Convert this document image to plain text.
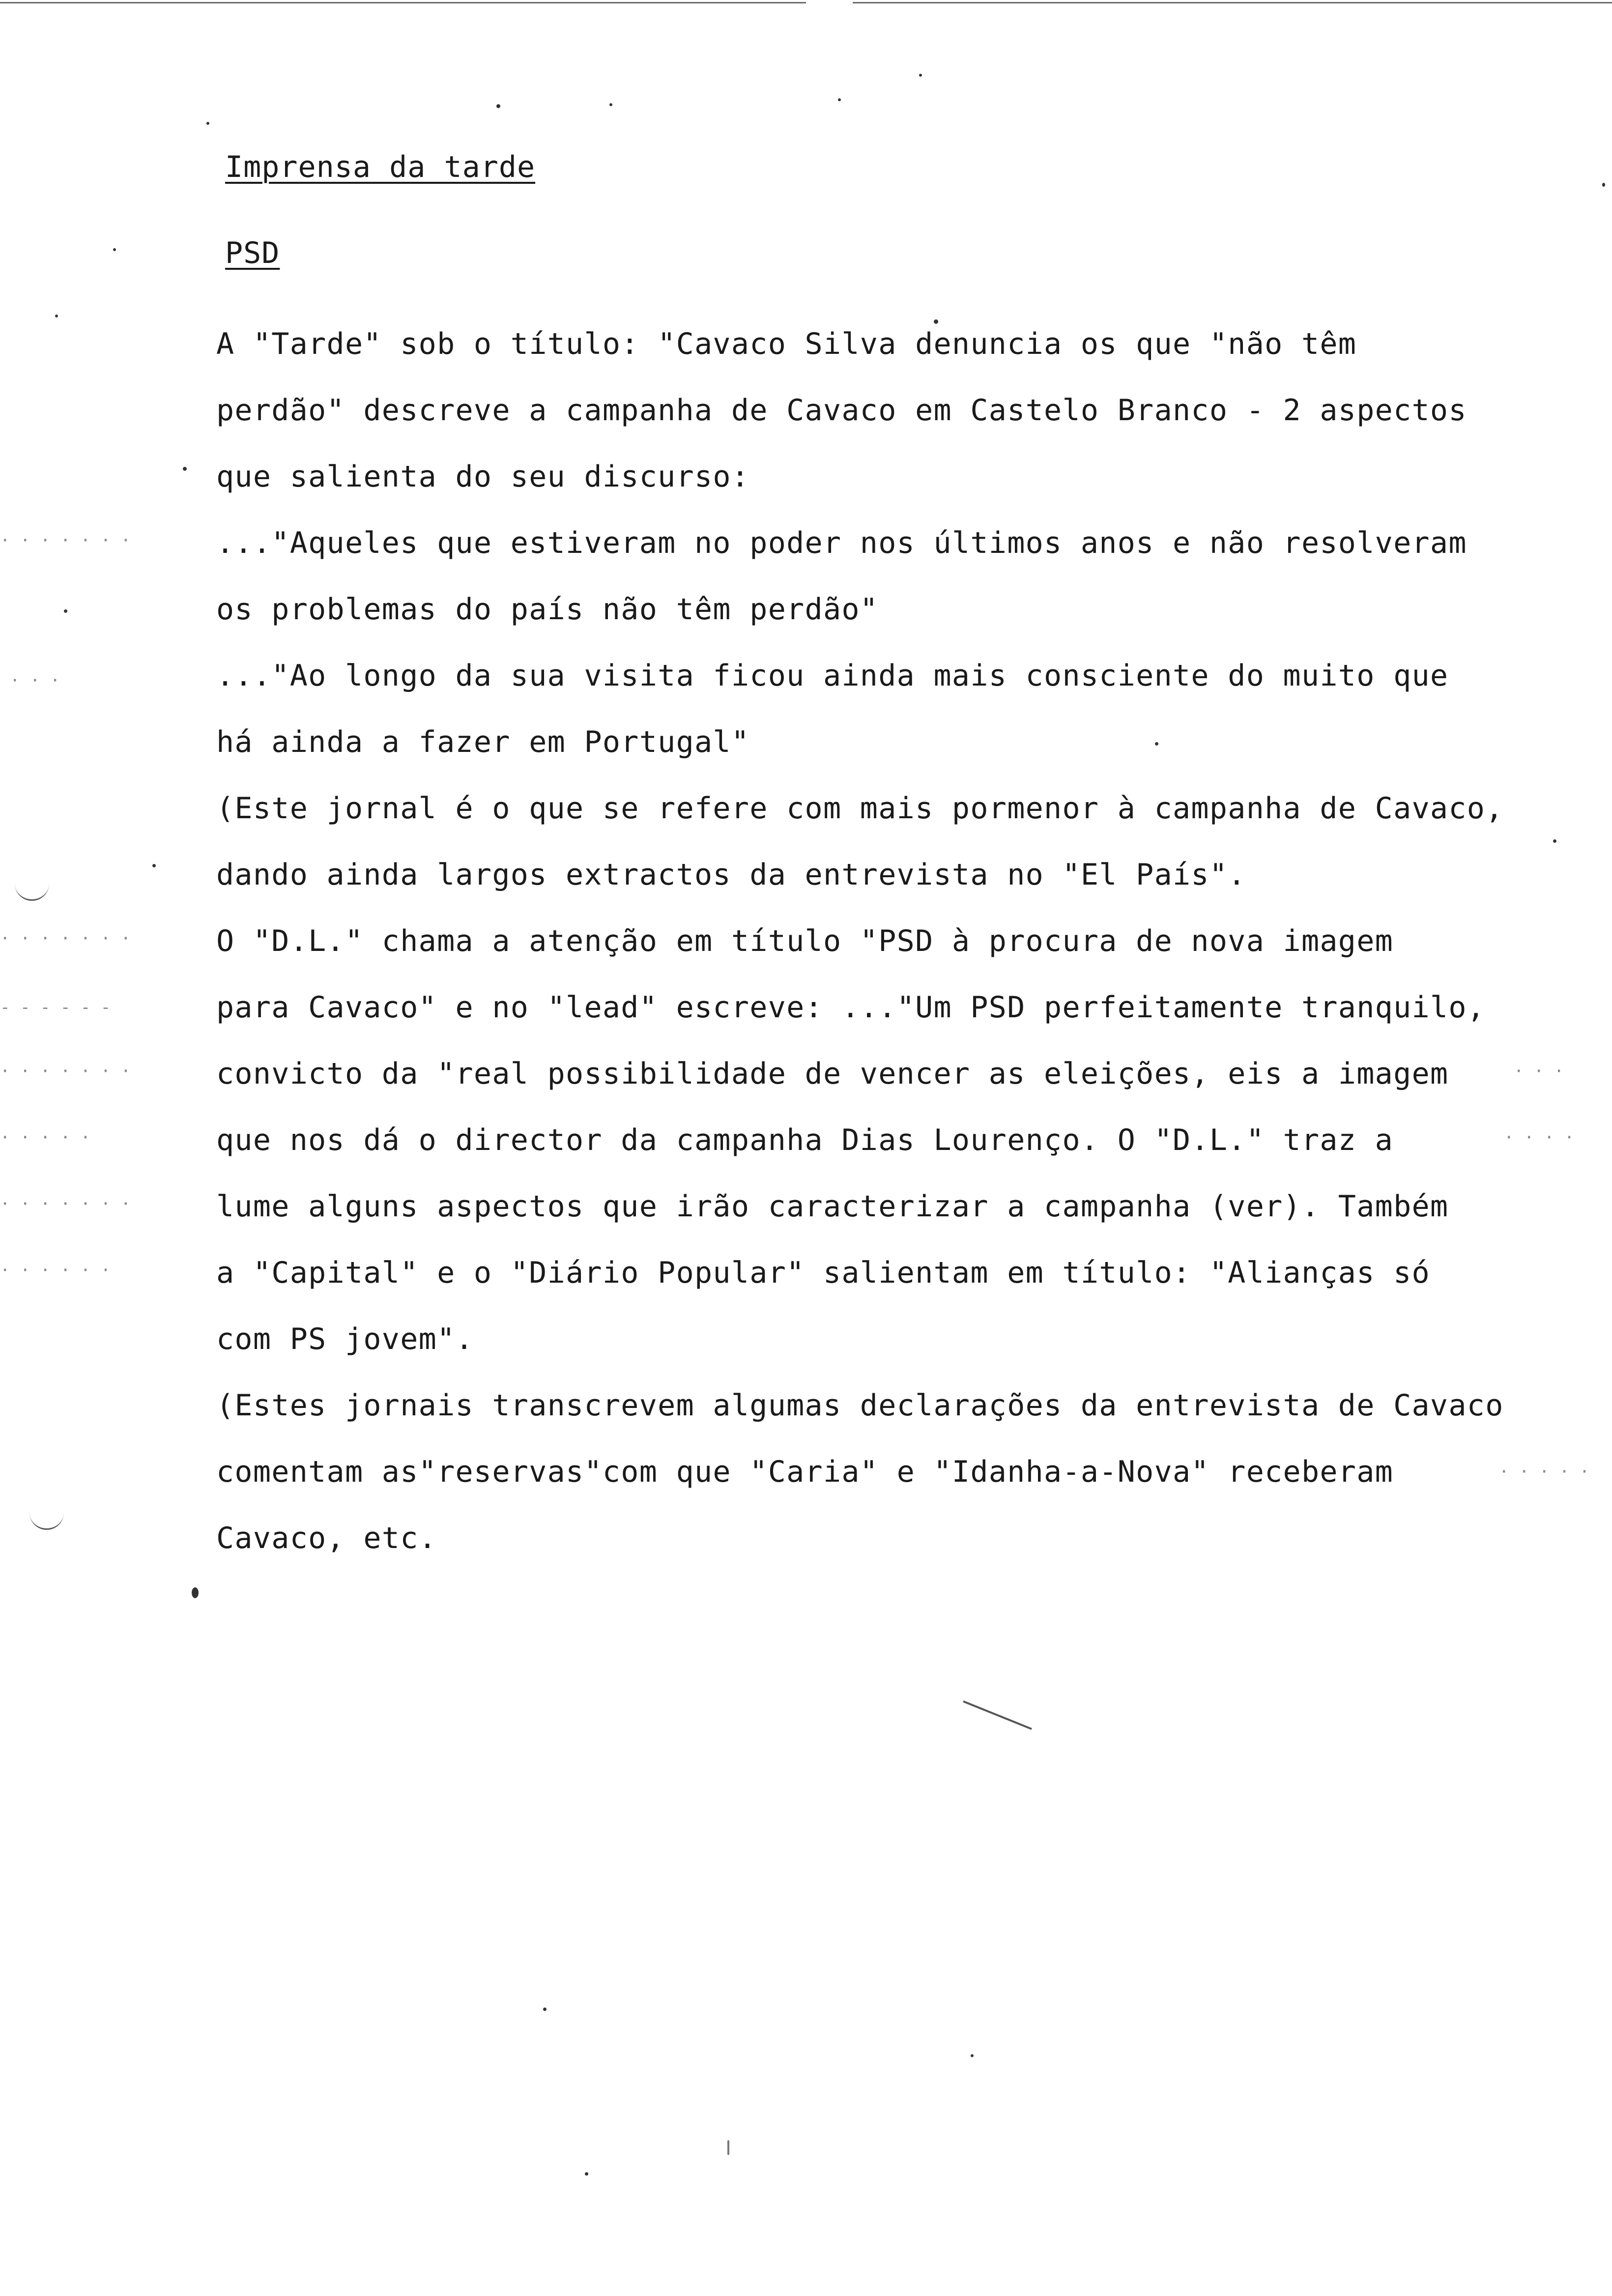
Imprensa da tarde
PSD
A "Tarde" sob o título: "Cavaco Silva denuncia os que "não têm
perdão" descreve a campanha de Cavaco em Castelo Branco - 2 aspectos
que salienta do seu discurso:
..."Aqueles que estiveram no poder nos últimos anos e não resolveram
os problemas do país não têm perdão"
..."Ao longo da sua visita ficou ainda mais consciente do muito que
há ainda a fazer em Portugal"
(Este jornal é o que se refere com mais pormenor à campanha de Cavaco,
dando ainda largos extractos da entrevista no "El País".
O "D.L." chama a atenção em título "PSD à procura de nova imagem
para Cavaco" e no "lead" escreve: ..."Um PSD perfeitamente tranquilo,
convicto da "real possibilidade de vencer as eleições, eis a imagem
que nos dá o director da campanha Dias Lourenço. O "D.L." traz a
lume alguns aspectos que irão caracterizar a campanha (ver). Também
a "Capital" e o "Diário Popular" salientam em título: "Alianças só
com PS jovem".
(Estes jornais transcrevem algumas declarações da entrevista de Cavaco
comentam as"reservas"com que "Caria" e "Idanha-a-Nova" receberam
Cavaco, etc.
· · · · · · ·
· · ·
· · · · · · ·
- - - - - -
· · · · · · ·
· · · · ·
· · · · · · ·
· · · · · ·
· · ·
· · · ·
· · · · ·
